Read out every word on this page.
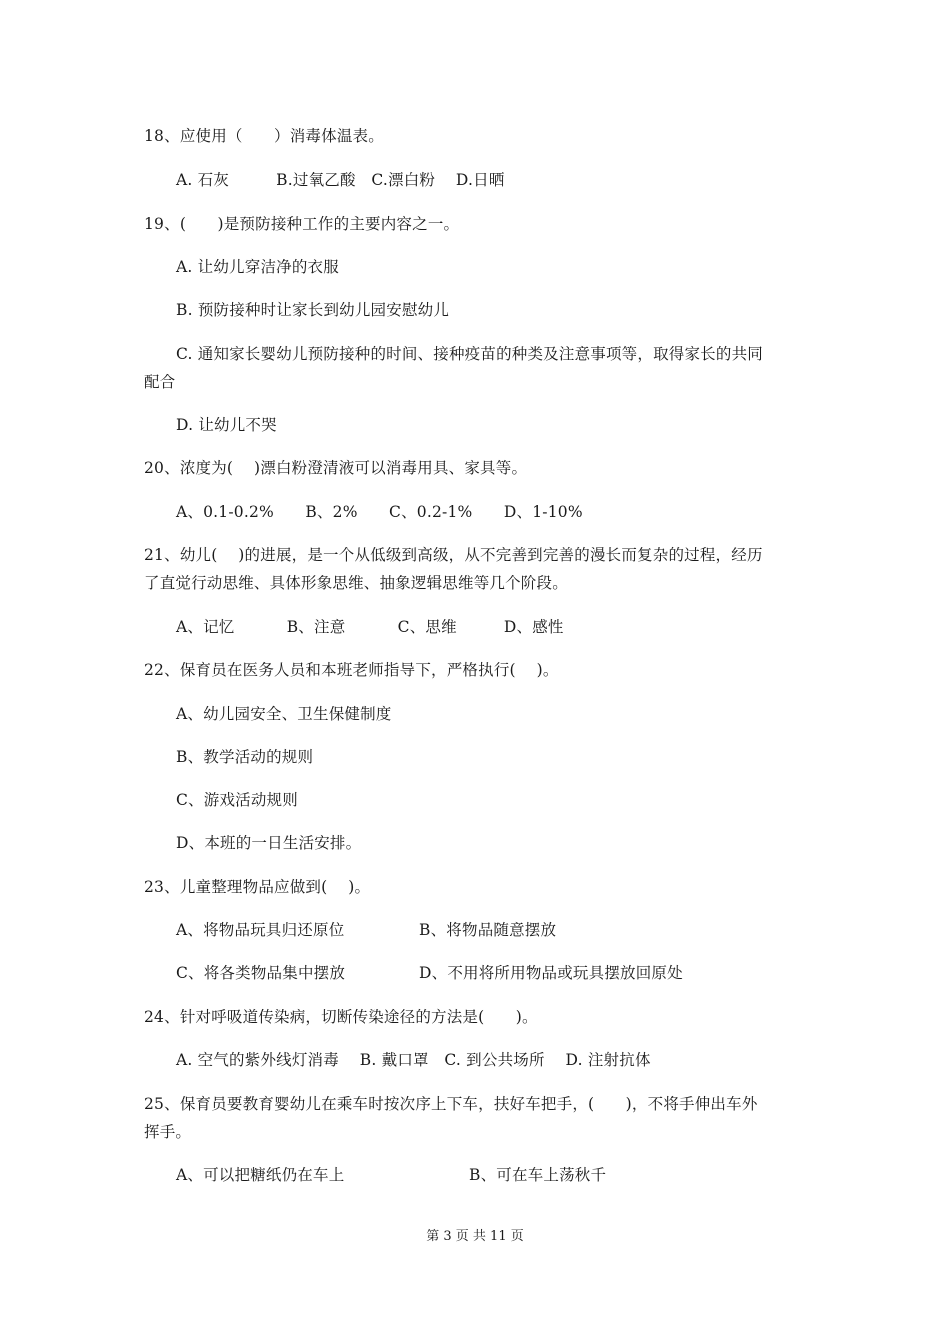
18、应使用（　　）消毒体温表。
A. 石灰　　　B.过氧乙酸　C.漂白粉　 D.日晒
19、(　　)是预防接种工作的主要内容之一。
A. 让幼儿穿洁净的衣服
B. 预防接种时让家长到幼儿园安慰幼儿
C. 通知家长婴幼儿预防接种的时间、接种疫苗的种类及注意事项等，取得家长的共同
配合
D. 让幼儿不哭
20、浓度为(　 )漂白粉澄清液可以消毒用具、家具等。
A、0.1-0.2%　　B、2%　　C、0.2-1%　　D、1-10%
21、幼儿(　 )的进展，是一个从低级到高级，从不完善到完善的漫长而复杂的过程，经历
了直觉行动思维、具体形象思维、抽象逻辑思维等几个阶段。
A、记忆　　　 B、注意　　　 C、思维　　　D、感性
22、保育员在医务人员和本班老师指导下，严格执行(　 )。
A、幼儿园安全、卫生保健制度
B、教学活动的规则
C、游戏活动规则
D、本班的一日生活安排。
23、儿童整理物品应做到(　 )。
A、将物品玩具归还原位	B、将物品随意摆放
C、将各类物品集中摆放	D、不用将所用物品或玩具摆放回原处
24、针对呼吸道传染病，切断传染途径的方法是(　　)。
A. 空气的紫外线灯消毒　 B. 戴口罩　C. 到公共场所　 D. 注射抗体
25、保育员要教育婴幼儿在乘车时按次序上下车，扶好车把手，(　　)，不将手伸出车外
挥手。
A、可以把糖纸仍在车上	B、可在车上荡秋千
第 3 页 共 11 页
